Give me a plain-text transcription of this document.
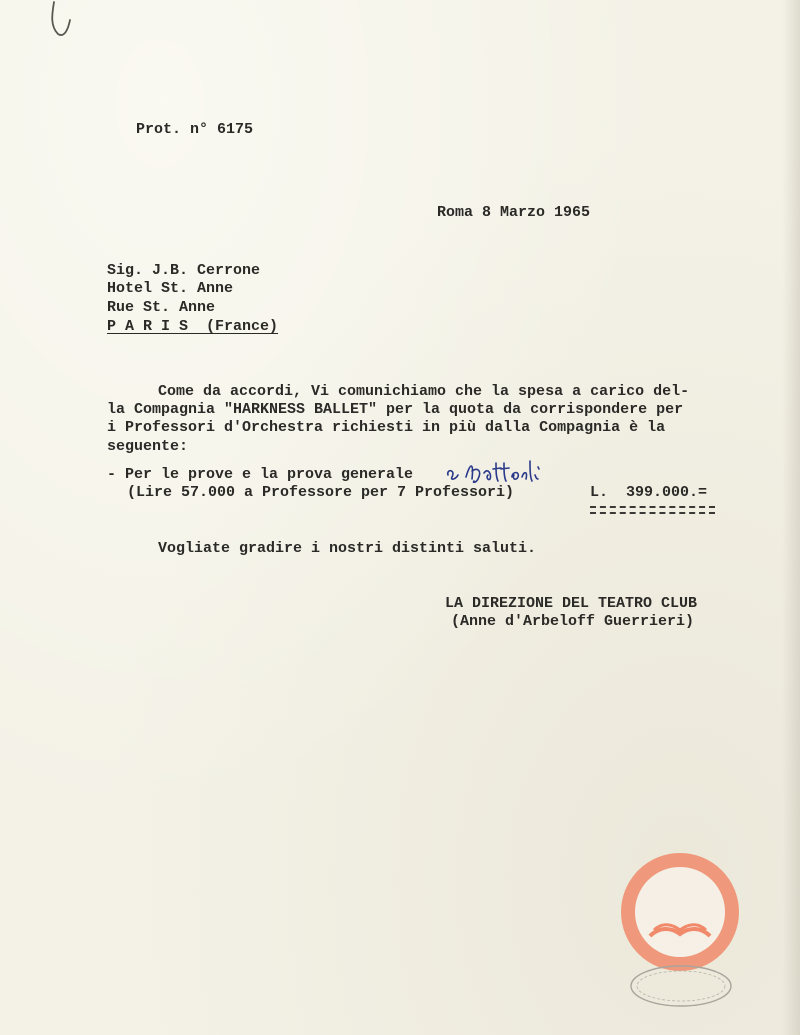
Prot. n° 6175
Roma 8 Marzo 1965
Sig. J.B. Cerrone
Hotel St. Anne
Rue St. Anne
P A R I S  (France)
Come da accordi, Vi comunichiamo che la spesa a carico del-
la Compagnia "HARKNESS BALLET" per la quota da corrispondere per
i Professori d'Orchestra richiesti in più dalla Compagnia è la
seguente:
- Per le prove e la prova generale
(Lire 57.000 a Professore per 7 Professori)	L.  399.000.=
Vogliate gradire i nostri distinti saluti.
LA DIREZIONE DEL TEATRO CLUB
(Anne d'Arbeloff Guerrieri)
